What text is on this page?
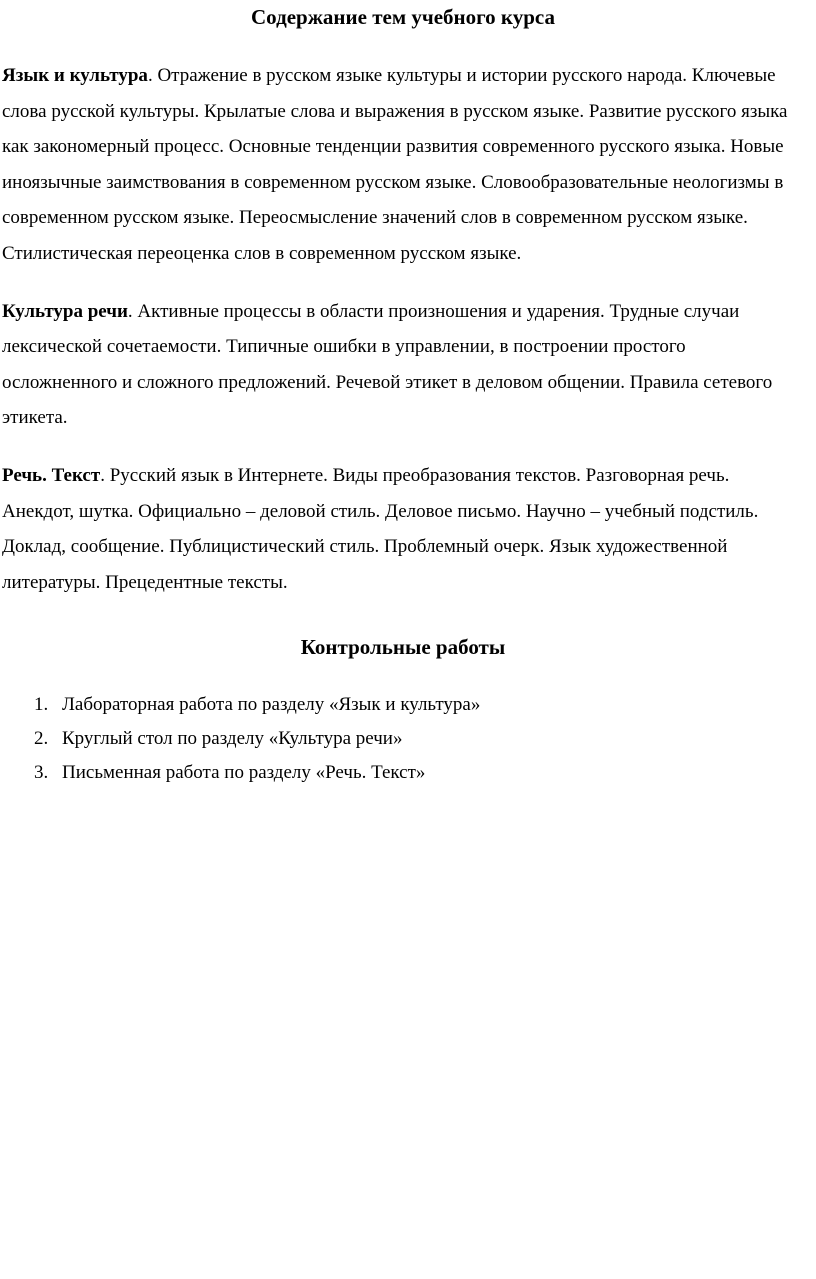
Содержание тем учебного курса

Язык и культура. Отражение в русском языке культуры и истории русского народа. Ключевые слова русской культуры. Крылатые слова и выражения в русском языке. Развитие русского языка как закономерный процесс. Основные тенденции развития современного русского языка. Новые иноязычные заимствования в современном русском языке. Словообразовательные неологизмы в современном русском языке. Переосмысление значений слов в современном русском языке. Стилистическая переоценка слов в современном русском языке.

Культура речи. Активные процессы в области произношения и ударения. Трудные случаи лексической сочетаемости. Типичные ошибки в управлении, в построении простого осложненного и сложного предложений. Речевой этикет в деловом общении. Правила сетевого этикета.

Речь. Текст. Русский язык в Интернете. Виды преобразования текстов. Разговорная речь. Анекдот, шутка. Официально – деловой стиль. Деловое письмо. Научно – учебный подстиль. Доклад, сообщение. Публицистический стиль. Проблемный очерк. Язык художественной литературы. Прецедентные тексты.

Контрольные работы
1. Лабораторная работа по разделу «Язык и культура»
2. Круглый стол по разделу «Культура речи»
3. Письменная работа по разделу «Речь. Текст»
